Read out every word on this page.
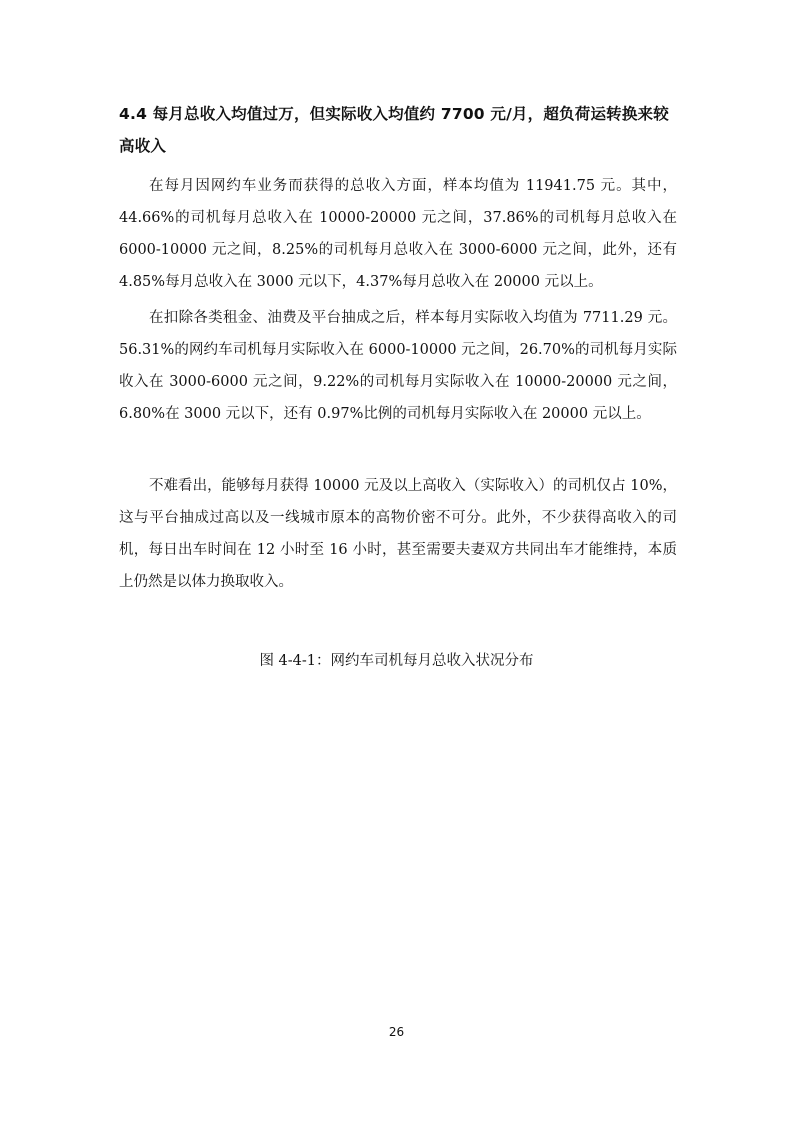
4.4 每月总收入均值过万，但实际收入均值约 7700 元/月，超负荷运转换来较高收入

在每月因网约车业务而获得的总收入方面，样本均值为 11941.75 元。其中，44.66%的司机每月总收入在 10000-20000 元之间，37.86%的司机每月总收入在 6000-10000 元之间，8.25%的司机每月总收入在 3000-6000 元之间，此外，还有 4.85%每月总收入在 3000 元以下，4.37%每月总收入在 20000 元以上。

在扣除各类租金、油费及平台抽成之后，样本每月实际收入均值为 7711.29 元。56.31%的网约车司机每月实际收入在 6000-10000 元之间，26.70%的司机每月实际收入在 3000-6000 元之间，9.22%的司机每月实际收入在 10000-20000 元之间，6.80%在 3000 元以下，还有 0.97%比例的司机每月实际收入在 20000 元以上。

不难看出，能够每月获得 10000 元及以上高收入（实际收入）的司机仅占 10%，这与平台抽成过高以及一线城市原本的高物价密不可分。此外，不少获得高收入的司机，每日出车时间在 12 小时至 16 小时，甚至需要夫妻双方共同出车才能维持，本质上仍然是以体力换取收入。

图 4-4-1：网约车司机每月总收入状况分布

26
